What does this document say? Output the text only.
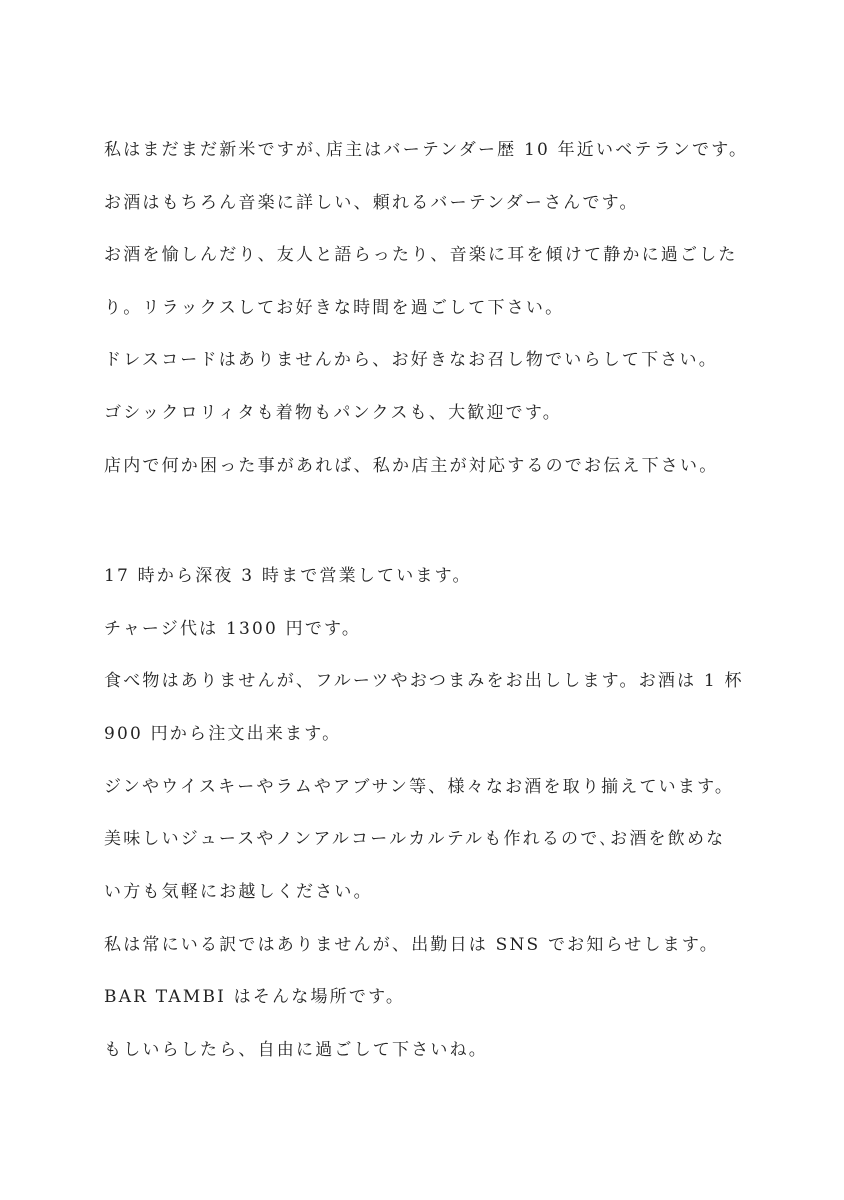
私はまだまだ新米ですが､店主はバーテンダー歴 10 年近いベテランです。
お酒はもちろん音楽に詳しい、頼れるバーテンダーさんです。
お酒を愉しんだり、友人と語らったり、音楽に耳を傾けて静かに過ごした
り。リラックスしてお好きな時間を過ごして下さい。
ドレスコードはありませんから、お好きなお召し物でいらして下さい。
ゴシックロリィタも着物もパンクスも、大歓迎です。
店内で何か困った事があれば、私か店主が対応するのでお伝え下さい。
17 時から深夜 3 時まで営業しています。
チャージ代は 1300 円です。
食べ物はありませんが、フルーツやおつまみをお出しします。お酒は 1 杯
900 円から注文出来ます。
ジンやウイスキーやラムやアブサン等、様々なお酒を取り揃えています。
美味しいジュースやノンアルコールカルテルも作れるので､お酒を飲めな
い方も気軽にお越しください。
私は常にいる訳ではありませんが、出勤日は SNS でお知らせします。
BAR TAMBI はそんな場所です。
もしいらしたら、自由に過ごして下さいね。
